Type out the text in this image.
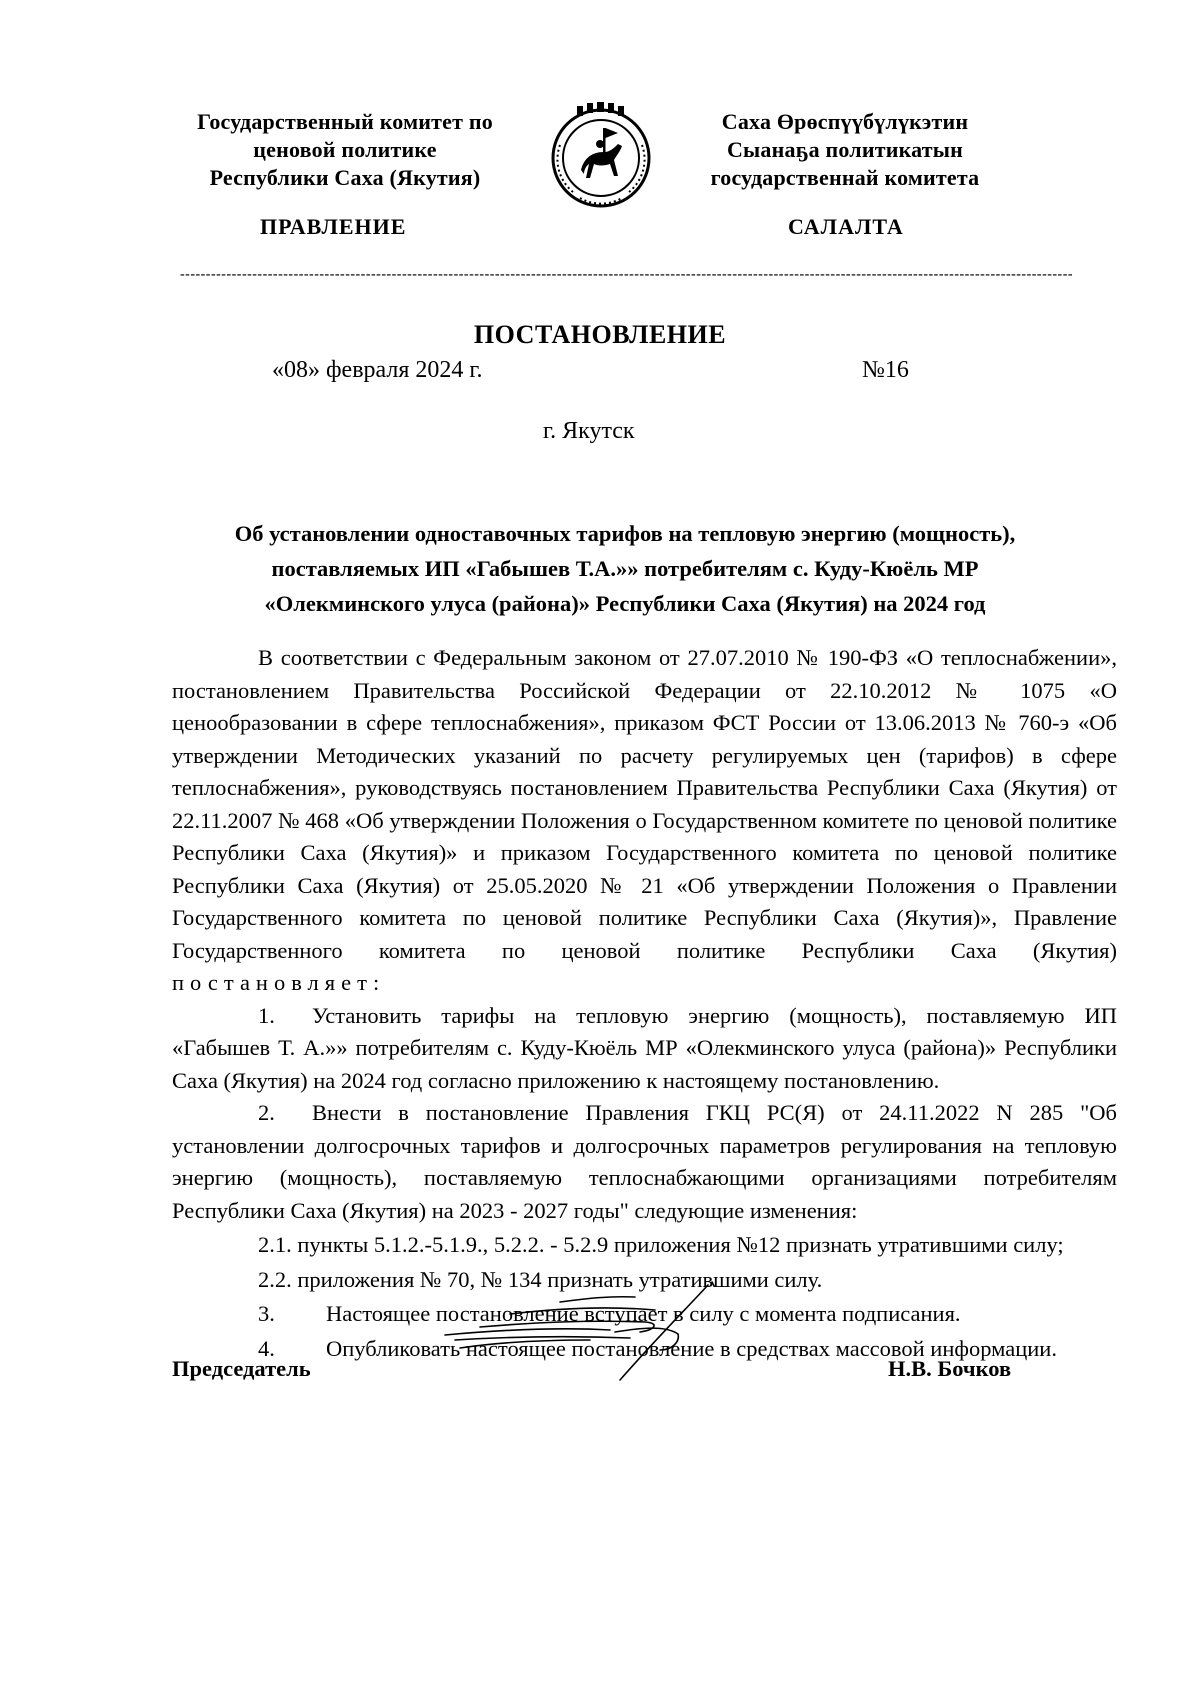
Государственный комитет по
ценовой политике
Республики Саха (Якутия)
Саха Өрөспүүбүлүкэтин
Сыанаҕа политикатын
государственнай комитета
ПРАВЛЕНИЕ	САЛАЛТА
-----------------------------------------------------------------------------------------------------------------------------------------------------------------------------
ПОСТАНОВЛЕНИЕ
«08» февраля 2024 г.	№16
г. Якутск
Об установлении одноставочных тарифов на тепловую энергию (мощность),
поставляемых ИП «Габышев Т.А.»» потребителям с. Куду-Кюёль МР
«Олекминского улуса (района)» Республики Саха (Якутия) на 2024 год

В соответствии с Федеральным законом от 27.07.2010 № 190-ФЗ «О теплоснабжении», постановлением Правительства Российской Федерации от 22.10.2012 № 1075 «О ценообразовании в сфере теплоснабжения», приказом ФСТ России от 13.06.2013 № 760-э «Об утверждении Методических указаний по расчету регулируемых цен (тарифов) в сфере теплоснабжения», руководствуясь постановлением Правительства Республики Саха (Якутия) от 22.11.2007 № 468 «Об утверждении Положения о Государственном комитете по ценовой политике Республики Саха (Якутия)» и приказом Государственного комитета по ценовой политике Республики Саха (Якутия) от 25.05.2020 № 21 «Об утверждении Положения о Правлении Государственного комитета по ценовой политике Республики Саха (Якутия)», Правление Государственного комитета по ценовой политике Республики Саха (Якутия) постановляет:

1. Установить тарифы на тепловую энергию (мощность), поставляемую ИП «Габышев Т. А.»» потребителям с. Куду-Кюёль МР «Олекминского улуса (района)» Республики Саха (Якутия) на 2024 год согласно приложению к настоящему постановлению.

2. Внести в постановление Правления ГКЦ РС(Я) от 24.11.2022 N 285 "Об установлении долгосрочных тарифов и долгосрочных параметров регулирования на тепловую энергию (мощность), поставляемую теплоснабжающими организациями потребителям Республики Саха (Якутия) на 2023 - 2027 годы" следующие изменения:

2.1. пункты 5.1.2.-5.1.9., 5.2.2. - 5.2.9 приложения №12 признать утратившими силу;

2.2. приложения № 70, № 134 признать утратившими силу.

3. Настоящее постановление вступает в силу с момента подписания.

4. Опубликовать настоящее постановление в средствах массовой информации.

Председатель	Н.В. Бочков
